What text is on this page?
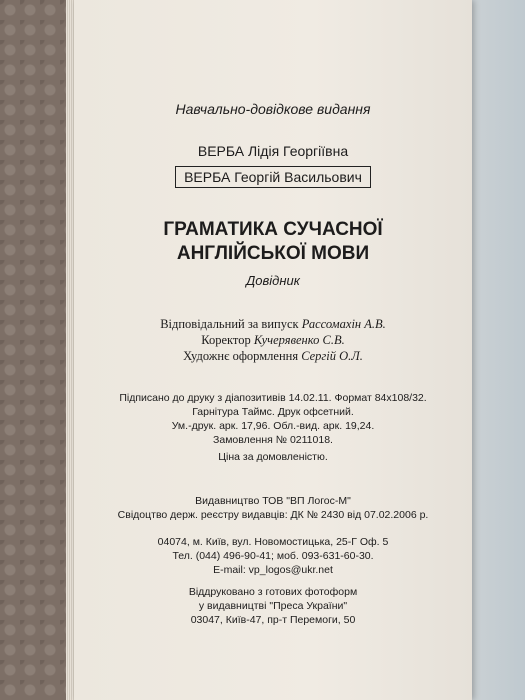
Навчально-довідкове видання
ВЕРБА Лідія Георгіївна
ВЕРБА Георгій Васильович
ГРАМАТИКА СУЧАСНОЇ
АНГЛІЙСЬКОЇ МОВИ
Довідник
Відповідальний за випуск Рассомахін А.В.
Коректор Кучерявенко С.В.
Художнє оформлення Сергій О.Л.
Підписано до друку з діапозитивів 14.02.11. Формат 84x108/32.
Гарнітура Таймс. Друк офсетний.
Ум.-друк. арк. 17,96. Обл.-вид. арк. 19,24.
Замовлення № 0211018.
Ціна за домовленістю.
Видавництво ТОВ "ВП Логос-М"
Свідоцтво держ. реєстру видавців: ДК № 2430 від 07.02.2006 р.
04074, м. Київ, вул. Новомостицька, 25-Г Оф. 5
Тел. (044) 496-90-41; моб. 093-631-60-30.
E-mail: vp_logos@ukr.net
Віддруковано з готових фотоформ
у видавництві "Преса України"
03047, Київ-47, пр-т Перемоги, 50
